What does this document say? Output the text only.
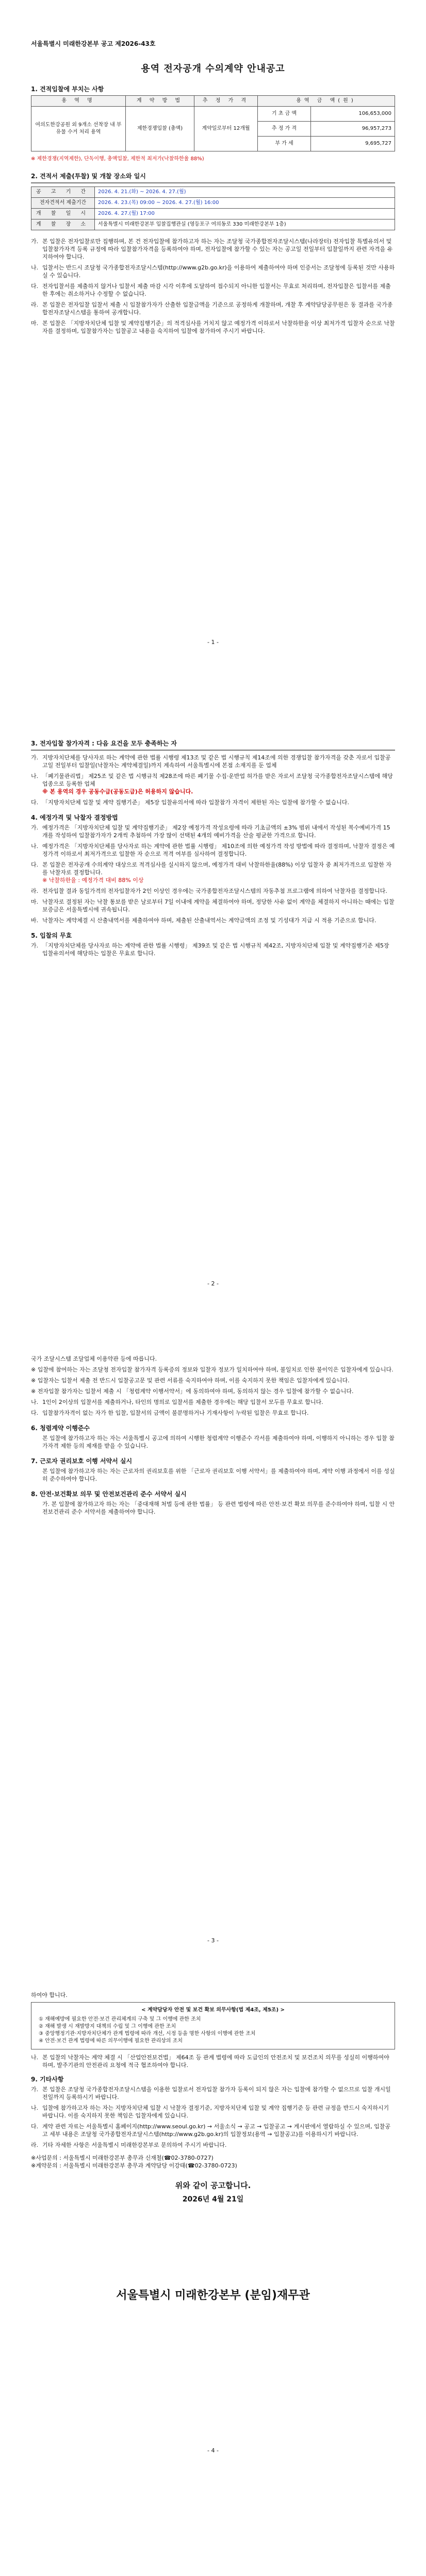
서울특별시 미래한강본부 공고 제2026-43호
용역 전자공개 수의계약 안내공고
1. 견적입찰에 부치는 사항
용 역 명	계 약 방 법	추 정 가 격	용역 금 액(원)	
여의도한강공원 외 9개소 선착장 내 부유물 수거 처리 용역	제한경쟁입찰 (총액)	계약일로부터 12개월	기 초 금 액	106,653,000
			추 정 가 격	96,957,273
			부 가 세	9,695,727
※ 제한경쟁(지역제한), 단독이행, 총액입찰, 제한적 최저가(낙찰하한율 88%)
2. 견적서 제출(투찰) 및 개찰 장소와 일시
공 고 기 간	2026. 4. 21.(화) ~ 2026. 4. 27.(월)
전자견적서 제출기간	2026. 4. 23.(목) 09:00 ~ 2026. 4. 27.(월) 16:00
개 찰 일 시	2026. 4. 27.(월) 17:00
계 찰 장 소	서울특별시 미래한강본부 입찰집행관실 (영등포구 여의동로 330 미래한강본부 1층)
가. 본 입찰은 전자입찰로만 집행하며, 본 건 전자입찰에 참가하고자 하는 자는 조달청 국가종합전자조달시스템(나라장터) 전자입찰 특별유의서 및 입찰참가자격 등록 규정에 따라 입찰참가자격을 등록하여야 하며, 전자입찰에 참가할 수 있는 자는 공고일 전일부터 입찰일까지 관련 자격을 유지하여야 합니다.
나. 입찰서는 반드시 조달청 국가종합전자조달시스템(http://www.g2b.go.kr)을 이용하여 제출하여야 하며 인증서는 조달청에 등록된 것만 사용하실 수 있습니다.
다. 전자입찰서를 제출하지 않거나 입찰서 제출 마감 시각 이후에 도달하여 접수되지 아니한 입찰서는 무효로 처리하며, 전자입찰은 입찰서를 제출한 후에는 취소하거나 수정할 수 없습니다.
라. 본 입찰은 전자입찰 입찰서 제출 시 입찰참가자가 산출한 입찰금액을 기준으로 공정하게 개찰하며, 개찰 후 계약담당공무원은 동 결과를 국가종합전자조달시스템을 통하여 공개합니다.
마. 본 입찰은 「지방자치단체 입찰 및 계약집행기준」의 적격심사를 거치지 않고 예정가격 이하로서 낙찰하한율 이상 최저가격 입찰자 순으로 낙찰자를 결정하며, 입찰참가자는 입찰공고 내용을 숙지하여 입찰에 참가하여 주시기 바랍니다.
- 1 -
3. 전자입찰 참가자격 : 다음 요건을 모두 충족하는 자
가. 지방자치단체를 당사자로 하는 계약에 관한 법률 시행령 제13조 및 같은 법 시행규칙 제14조에 의한 경쟁입찰 참가자격을 갖춘 자로서 입찰공고일 전일부터 입찰일(낙찰자는 계약체결일)까지 계속하여 서울특별시에 본점 소재지를 둔 업체
나. 「폐기물관리법」 제25조 및 같은 법 시행규칙 제28조에 따른 폐기물 수집·운반업 허가를 받은 자로서 조달청 국가종합전자조달시스템에 해당 업종으로 등록한 업체
※ 본 용역의 경우 공동수급(공동도급)은 허용하지 않습니다.
다. 「지방자치단체 입찰 및 계약 집행기준」 제5장 입찰유의서에 따라 입찰참가 자격이 제한된 자는 입찰에 참가할 수 없습니다.
4. 예정가격 및 낙찰자 결정방법
가. 예정가격은 「지방자치단체 입찰 및 계약집행기준」 제2장 예정가격 작성요령에 따라 기초금액의 ±3% 범위 내에서 작성된 복수예비가격 15개를 작성하여 입찰참가자가 2개씩 추첨하여 가장 많이 선택된 4개의 예비가격을 산술 평균한 가격으로 합니다.
나. 예정가격은 「지방자치단체를 당사자로 하는 계약에 관한 법률 시행령」 제10조에 의한 예정가격 작성 방법에 따라 결정하며, 낙찰자 결정은 예정가격 이하로서 최저가격으로 입찰한 자 순으로 적격 여부를 심사하여 결정합니다.
다. 본 입찰은 전자공개 수의계약 대상으로 적격심사를 실시하지 않으며, 예정가격 대비 낙찰하한율(88%) 이상 입찰자 중 최저가격으로 입찰한 자를 낙찰자로 결정합니다.
※ 낙찰하한율 : 예정가격 대비 88% 이상
라. 전자입찰 결과 동일가격의 전자입찰자가 2인 이상인 경우에는 국가종합전자조달시스템의 자동추첨 프로그램에 의하여 낙찰자를 결정합니다.
마. 낙찰자로 결정된 자는 낙찰 통보를 받은 날로부터 7일 이내에 계약을 체결하여야 하며, 정당한 사유 없이 계약을 체결하지 아니하는 때에는 입찰보증금은 서울특별시에 귀속됩니다.
바. 낙찰자는 계약체결 시 산출내역서를 제출하여야 하며, 제출된 산출내역서는 계약금액의 조정 및 기성대가 지급 시 적용 기준으로 합니다.
5. 입찰의 무효
가. 「지방자치단체를 당사자로 하는 계약에 관한 법률 시행령」 제39조 및 같은 법 시행규칙 제42조, 지방자치단체 입찰 및 계약집행기준 제5장 입찰유의서에 해당하는 입찰은 무효로 합니다.
- 2 -
국가 조달시스템 조달업체 이용약관 등에 따릅니다.
※ 입찰에 참여하는 자는 조달청 전자입찰 참가자격 등록증의 정보와 입찰자 정보가 일치하여야 하며, 불일치로 인한 불이익은 입찰자에게 있습니다.
※ 입찰자는 입찰서 제출 전 반드시 입찰공고문 및 관련 서류를 숙지하여야 하며, 이를 숙지하지 못한 책임은 입찰자에게 있습니다.
※ 전자입찰 참가자는 입찰서 제출 시 「청렴계약 이행서약서」에 동의하여야 하며, 동의하지 않는 경우 입찰에 참가할 수 없습니다.
나. 1인이 2이상의 입찰서를 제출하거나, 타인의 명의로 입찰서를 제출한 경우에는 해당 입찰서 모두를 무효로 합니다.
다. 입찰참가자격이 없는 자가 한 입찰, 입찰서의 금액이 불분명하거나 기재사항이 누락된 입찰은 무효로 합니다.
6. 청렴계약 이행준수
본 입찰에 참가하고자 하는 자는 서울특별시 공고에 의하여 시행한 청렴계약 이행준수 각서를 제출하여야 하며, 이행하지 아니하는 경우 입찰 참가자격 제한 등의 제재를 받을 수 있습니다.
7. 근로자 권리보호 이행 서약서 실시
본 입찰에 참가하고자 하는 자는 근로자의 권리보호를 위한 「근로자 권리보호 이행 서약서」를 제출하여야 하며, 계약 이행 과정에서 이를 성실히 준수하여야 합니다.
8. 안전·보건확보 의무 및 안전보건관리 준수 서약서 실시
가. 본 입찰에 참가하고자 하는 자는 「중대재해 처벌 등에 관한 법률」 등 관련 법령에 따른 안전·보건 확보 의무를 준수하여야 하며, 입찰 시 안전보건관리 준수 서약서를 제출하여야 합니다.
- 3 -
하여야 합니다.
< 계약담당자 안전 및 보건 확보 의무사항(법 제4조, 제5조) >
① 재해예방에 필요한 안전·보건 관리체계의 구축 및 그 이행에 관한 조치
② 재해 발생 시 재발방지 대책의 수립 및 그 이행에 관한 조치
③ 중앙행정기관·지방자치단체가 관계 법령에 따라 개선, 시정 등을 명한 사항의 이행에 관한 조치
④ 안전·보건 관계 법령에 따른 의무이행에 필요한 관리상의 조치
나. 본 입찰의 낙찰자는 계약 체결 시 「산업안전보건법」 제64조 등 관계 법령에 따라 도급인의 안전조치 및 보건조치 의무를 성실히 이행하여야 하며, 발주기관의 안전관리 요청에 적극 협조하여야 합니다.
9. 기타사항
가. 본 입찰은 조달청 국가종합전자조달시스템을 이용한 입찰로서 전자입찰 참가자 등록이 되지 않은 자는 입찰에 참가할 수 없으므로 입찰 개시일 전일까지 등록하시기 바랍니다.
나. 입찰에 참가하고자 하는 자는 지방자치단체 입찰 시 낙찰자 결정기준, 지방자치단체 입찰 및 계약 집행기준 등 관련 규정을 반드시 숙지하시기 바랍니다. 이를 숙지하지 못한 책임은 입찰자에게 있습니다.
다. 계약 관련 자료는 서울특별시 홈페이지(http://www.seoul.go.kr) → 서울소식 → 공고 → 입찰공고 → 게시판에서 열람하실 수 있으며, 입찰공고 세부 내용은 조달청 국가종합전자조달시스템(http://www.g2b.go.kr)의 입찰정보(용역 → 입찰공고)를 이용하시기 바랍니다.
라. 기타 자세한 사항은 서울특별시 미래한강본부로 문의하여 주시기 바랍니다.
※사업문의 : 서울특별시 미래한강본부 총무과 신재철(☎02-3780-0727)
※계약문의 : 서울특별시 미래한강본부 총무과 계약담당 이강태(☎02-3780-0723)
위와 같이 공고합니다.
2026년 4월 21일
- 4 -
서울특별시 미래한강본부 (분임)재무관
